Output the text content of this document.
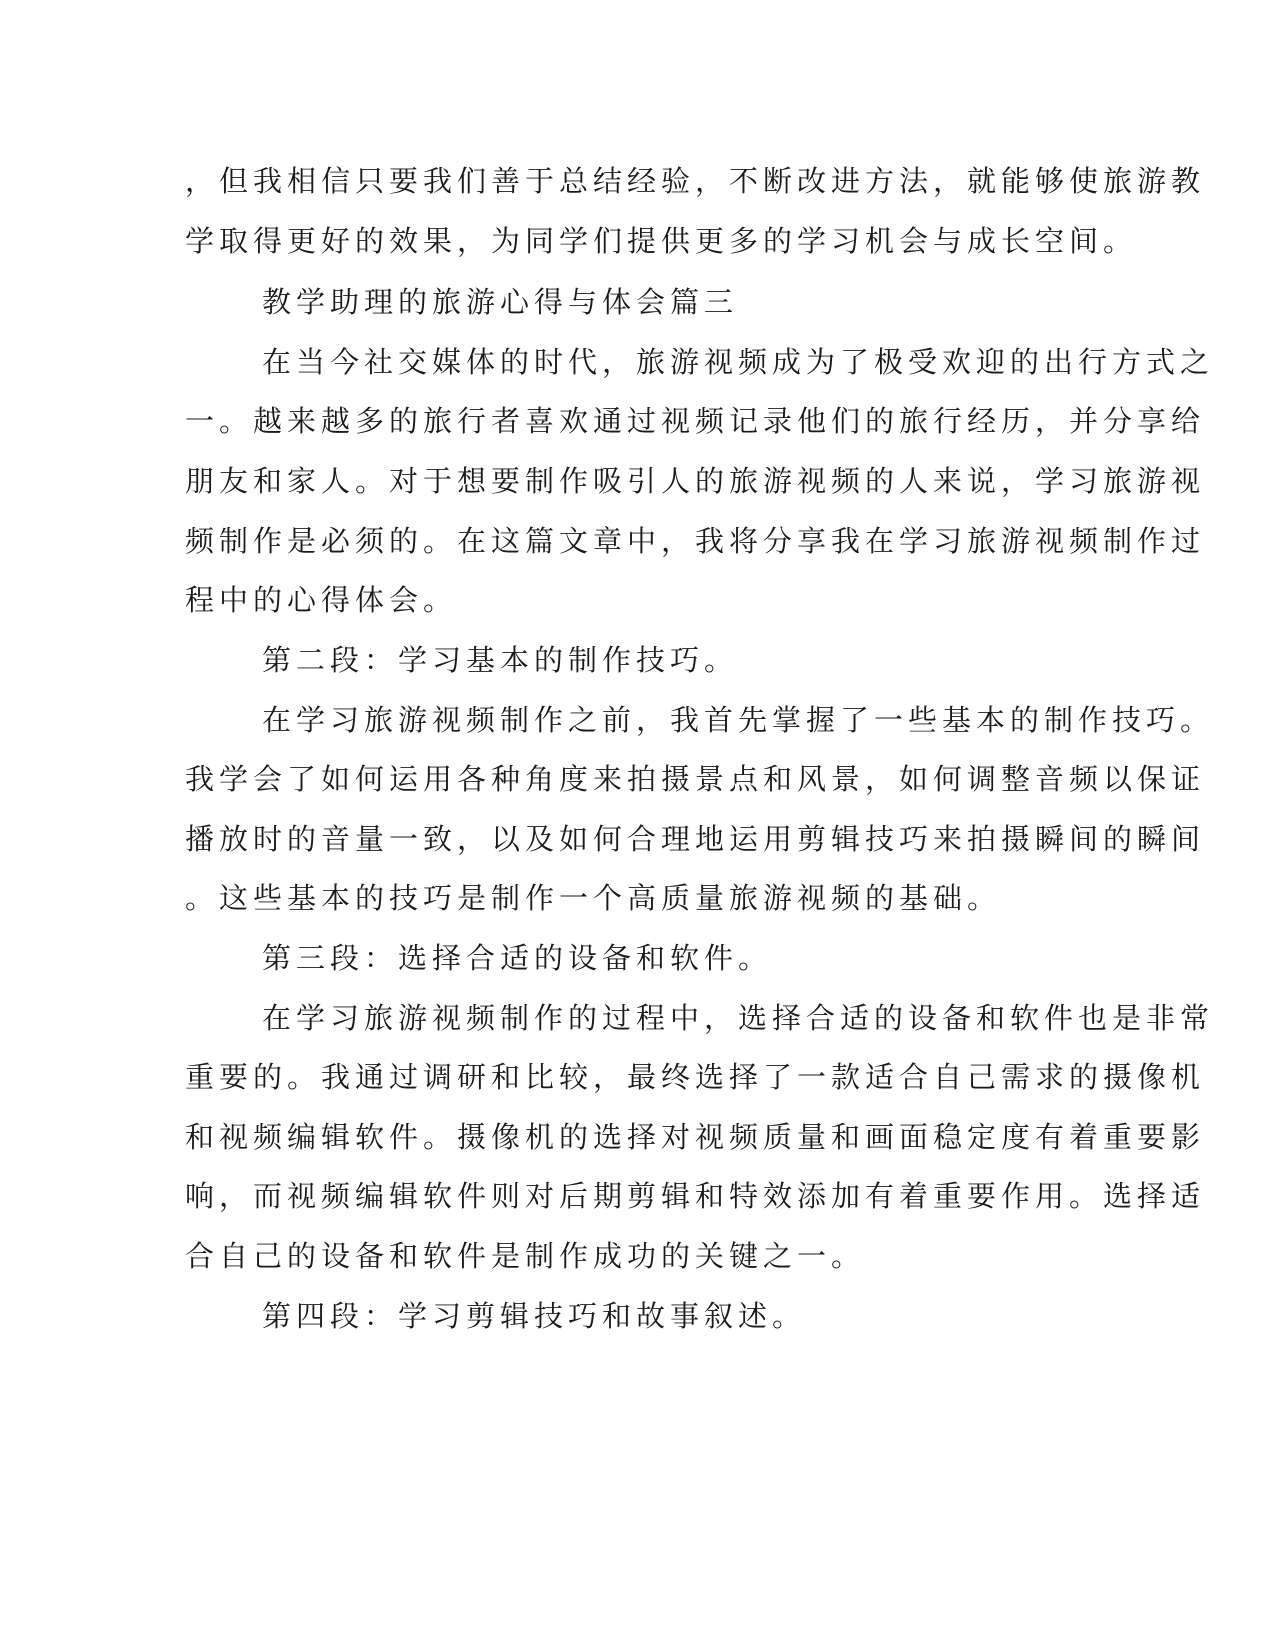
，但我相信只要我们善于总结经验，不断改进方法，就能够使旅游教

学取得更好的效果，为同学们提供更多的学习机会与成长空间。

教学助理的旅游心得与体会篇三

在当今社交媒体的时代，旅游视频成为了极受欢迎的出行方式之

一。越来越多的旅行者喜欢通过视频记录他们的旅行经历，并分享给

朋友和家人。对于想要制作吸引人的旅游视频的人来说，学习旅游视

频制作是必须的。在这篇文章中，我将分享我在学习旅游视频制作过

程中的心得体会。

第二段：学习基本的制作技巧。

在学习旅游视频制作之前，我首先掌握了一些基本的制作技巧。

我学会了如何运用各种角度来拍摄景点和风景，如何调整音频以保证

播放时的音量一致，以及如何合理地运用剪辑技巧来拍摄瞬间的瞬间

。这些基本的技巧是制作一个高质量旅游视频的基础。

第三段：选择合适的设备和软件。

在学习旅游视频制作的过程中，选择合适的设备和软件也是非常

重要的。我通过调研和比较，最终选择了一款适合自己需求的摄像机

和视频编辑软件。摄像机的选择对视频质量和画面稳定度有着重要影

响，而视频编辑软件则对后期剪辑和特效添加有着重要作用。选择适

合自己的设备和软件是制作成功的关键之一。

第四段：学习剪辑技巧和故事叙述。
